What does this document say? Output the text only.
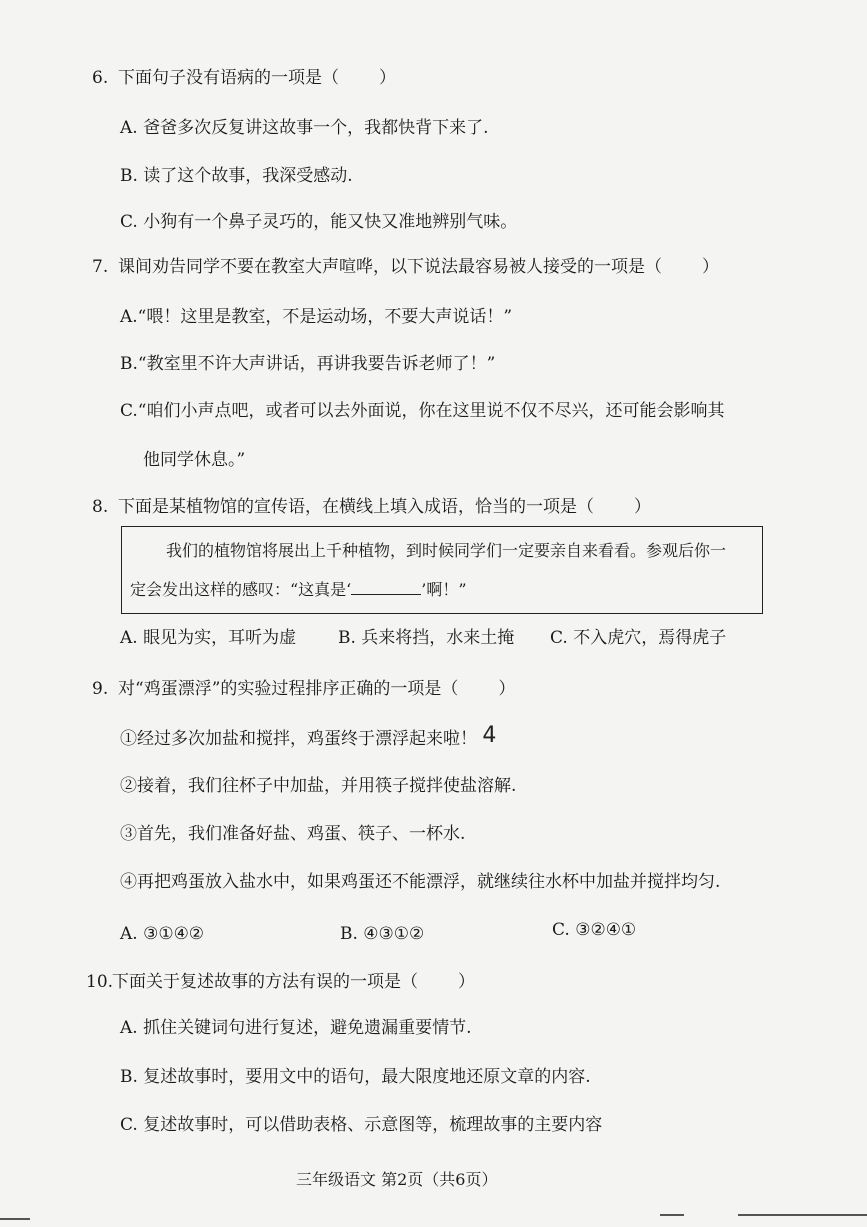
6. 下面句子没有语病的一项是（ ）
A. 爸爸多次反复讲这故事一个，我都快背下来了.
B. 读了这个故事，我深受感动.
C. 小狗有一个鼻子灵巧的，能又快又准地辨别气味。
7. 课间劝告同学不要在教室大声喧哗，以下说法最容易被人接受的一项是（ ）
A.“喂！这里是教室，不是运动场，不要大声说话！”
B.“教室里不许大声讲话，再讲我要告诉老师了！”
C.“咱们小声点吧，或者可以去外面说，你在这里说不仅不尽兴，还可能会影响其
他同学休息。”
8. 下面是某植物馆的宣传语，在横线上填入成语，恰当的一项是（ ）
我们的植物馆将展出上千种植物，到时候同学们一定要亲自来看看。参观后你一
定会发出这样的感叹：“这真是‘	’啊！”
A. 眼见为实，耳听为虚 B. 兵来将挡，水来土掩 C. 不入虎穴，焉得虎子
9. 对“鸡蛋漂浮”的实验过程排序正确的一项是（ ）
①经过多次加盐和搅拌，鸡蛋终于漂浮起来啦！ 4
②接着，我们往杯子中加盐，并用筷子搅拌使盐溶解.
③首先，我们准备好盐、鸡蛋、筷子、一杯水.
④再把鸡蛋放入盐水中，如果鸡蛋还不能漂浮，就继续往水杯中加盐并搅拌均匀.
A. ③①④②	B. ④③①②	C. ③②④①
10.下面关于复述故事的方法有误的一项是（ ）
A. 抓住关键词句进行复述，避免遗漏重要情节.
B. 复述故事时，要用文中的语句，最大限度地还原文章的内容.
C. 复述故事时，可以借助表格、示意图等，梳理故事的主要内容
三年级语文 第2页（共6页）
